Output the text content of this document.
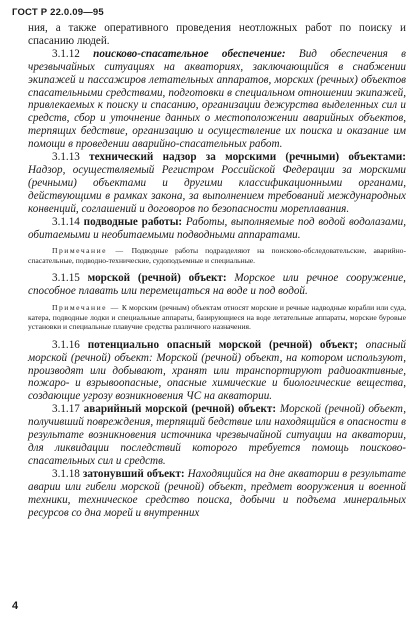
ГОСТ Р 22.0.09—95

ния, а также оперативного проведения неотложных работ по поиску и спасанию людей.

3.1.12 поисково-спасательное обеспечение: Вид обеспечения в чрезвычайных ситуациях на акваториях, заключающийся в снабжении экипажей и пассажиров летательных аппаратов, морских (речных) объектов спасательными средствами, подготовки в специальном отношении экипажей, привлекаемых к поиску и спасанию, организации дежурства выделенных сил и средств, сбор и уточнение данных о местоположении аварийных объектов, терпящих бедствие, организацию и осуществление их поиска и оказание им помощи в проведении аварийно-спасательных работ.

3.1.13 технический надзор за морскими (речными) объектами: Надзор, осуществляемый Регистром Российской Федерации за морскими (речными) объектами и другими классификационными органами, действующими в рамках закона, за выполнением требований международных конвенций, соглашений и договоров по безопасности мореплавания.

3.1.14 подводные работы: Работы, выполняемые под водой водолазами, обитаемыми и необитаемыми подводными аппаратами.

Примечание — Подводные работы подразделяют на поисково-обследовательские, аварийно-спасательные, подводно-технические, судоподъемные и специальные.

3.1.15 морской (речной) объект: Морское или речное сооружение, способное плавать или перемещаться на воде и под водой.

Примечание — К морским (речным) объектам относят морские и речные надводные корабли или суда, катера, подводные лодки и специальные аппараты, базирующиеся на воде летательные аппараты, морские буровые установки и специальные плавучие средства различного назначения.

3.1.16 потенциально опасный морской (речной) объект; опасный морской (речной) объект: Морской (речной) объект, на котором используют, производят или добывают, хранят или транспортируют радиоактивные, пожаро- и взрывоопасные, опасные химические и биологические вещества, создающие угрозу возникновения ЧС на акватории.

3.1.17 аварийный морской (речной) объект: Морской (речной) объект, получивший повреждения, терпящий бедствие или находящийся в опасности в результате возникновения источника чрезвычайной ситуации на акватории, для ликвидации последствий которого требуется помощь поисково-спасательных сил и средств.

3.1.18 затонувший объект: Находящийся на дне акватории в результате аварии или гибели морской (речной) объект, предмет вооружения и военной техники, техническое средство поиска, добычи и подъема минеральных ресурсов со дна морей и внутренних

4
